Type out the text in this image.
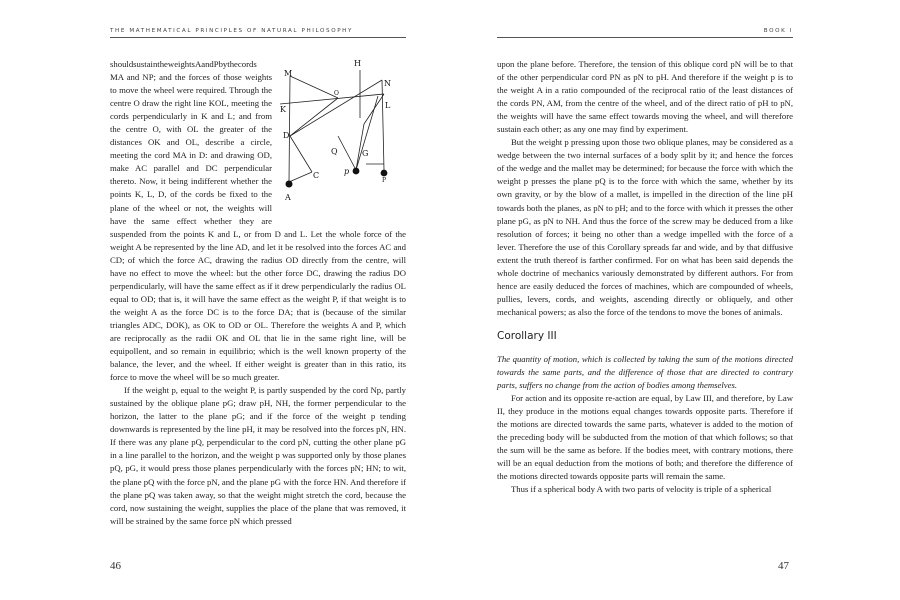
THE MATHEMATICAL PRINCIPLES OF NATURAL PHILOSOPHY	BOOK I
H
M
O
N
K	L
D
Q	G
C	p
P
A

shouldsustaintheweightsAandPbythecords MA and NP; and the forces of those weights to move the wheel were required. Through the centre O draw the right line KOL, meeting the cords perpendicularly in K and L; and from the centre O, with OL the greater of the distances OK and OL, describe a circle, meeting the cord MA in D: and drawing OD, make AC parallel and DC perpendicular thereto. Now, it being indifferent whether the points K, L, D, of the cords be fixed to the plane of the wheel or not, the weights will have the same effect whether they are suspended from the points K and L, or from D and L. Let the whole force of the weight A be represented by the line AD, and let it be resolved into the forces AC and CD; of which the force AC, drawing the radius OD directly from the centre, will have no effect to move the wheel: but the other force DC, drawing the radius DO perpendicularly, will have the same effect as if it drew perpendicularly the radius OL equal to OD; that is, it will have the same effect as the weight P, if that weight is to the weight A as the force DC is to the force DA; that is (because of the similar triangles ADC, DOK), as OK to OD or OL. Therefore the weights A and P, which are reciprocally as the radii OK and OL that lie in the same right line, will be equipollent, and so remain in equilibrio; which is the well known property of the balance, the lever, and the wheel. If either weight is greater than in this ratio, its force to move the wheel will be so much greater.

If the weight p, equal to the weight P, is partly suspended by the cord Np, partly sustained by the oblique plane pG; draw pH, NH, the former perpendicular to the horizon, the latter to the plane pG; and if the force of the weight p tending downwards is represented by the line pH, it may be resolved into the forces pN, HN. If there was any plane pQ, perpendicular to the cord pN, cutting the other plane pG in a line parallel to the horizon, and the weight p was supported only by those planes pQ, pG, it would press those planes perpendicularly with the forces pN; HN; to wit, the plane pQ with the force pN, and the plane pG with the force HN. And therefore if the plane pQ was taken away, so that the weight might stretch the cord, because the cord, now sustaining the weight, supplies the place of the plane that was removed, it will be strained by the same force pN which pressed

upon the plane before. Therefore, the tension of this oblique cord pN will be to that of the other perpendicular cord PN as pN to pH. And therefore if the weight p is to the weight A in a ratio compounded of the reciprocal ratio of the least distances of the cords PN, AM, from the centre of the wheel, and of the direct ratio of pH to pN, the weights will have the same effect towards moving the wheel, and will therefore sustain each other; as any one may find by experiment.

But the weight p pressing upon those two oblique planes, may be considered as a wedge between the two internal surfaces of a body split by it; and hence the forces of the wedge and the mallet may be determined; for because the force with which the weight p presses the plane pQ is to the force with which the same, whether by its own gravity, or by the blow of a mallet, is impelled in the direction of the line pH towards both the planes, as pN to pH; and to the force with which it presses the other plane pG, as pN to NH. And thus the force of the screw may be deduced from a like resolution of forces; it being no other than a wedge impelled with the force of a lever. Therefore the use of this Corollary spreads far and wide, and by that diffusive extent the truth thereof is farther confirmed. For on what has been said depends the whole doctrine of mechanics variously demonstrated by different authors. For from hence are easily deduced the forces of machines, which are compounded of wheels, pullies, levers, cords, and weights, ascending directly or obliquely, and other mechanical powers; as also the force of the tendons to move the bones of animals.

Corollary III

The quantity of motion, which is collected by taking the sum of the motions directed towards the same parts, and the difference of those that are directed to contrary parts, suffers no change from the action of bodies among themselves.

For action and its opposite re-action are equal, by Law III, and therefore, by Law II, they produce in the motions equal changes towards opposite parts. Therefore if the motions are directed towards the same parts, whatever is added to the motion of the preceding body will be subducted from the motion of that which follows; so that the sum will be the same as before. If the bodies meet, with contrary motions, there will be an equal deduction from the motions of both; and therefore the difference of the motions directed towards opposite parts will remain the same.

Thus if a spherical body A with two parts of velocity is triple of a spherical

46	47
